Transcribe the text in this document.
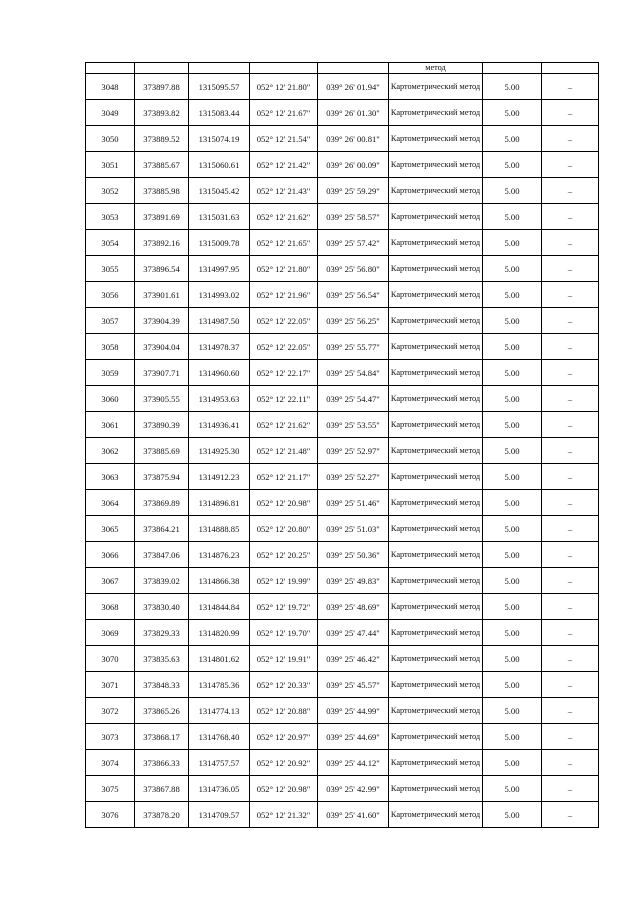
					метод		
3048	373897.88	1315095.57	052° 12' 21.80"	039° 26' 01.94"	Картометрический метод	5.00	–
3049	373893.82	1315083.44	052° 12' 21.67"	039° 26' 01.30"	Картометрический метод	5.00	–
3050	373889.52	1315074.19	052° 12' 21.54"	039° 26' 00.81"	Картометрический метод	5.00	–
3051	373885.67	1315060.61	052° 12' 21.42"	039° 26' 00.09"	Картометрический метод	5.00	–
3052	373885.98	1315045.42	052° 12' 21.43"	039° 25' 59.29"	Картометрический метод	5.00	–
3053	373891.69	1315031.63	052° 12' 21.62"	039° 25' 58.57"	Картометрический метод	5.00	–
3054	373892.16	1315009.78	052° 12' 21.65"	039° 25' 57.42"	Картометрический метод	5.00	–
3055	373896.54	1314997.95	052° 12' 21.80"	039° 25' 56.80"	Картометрический метод	5.00	–
3056	373901.61	1314993.02	052° 12' 21.96"	039° 25' 56.54"	Картометрический метод	5.00	–
3057	373904.39	1314987.50	052° 12' 22.05"	039° 25' 56.25"	Картометрический метод	5.00	–
3058	373904.04	1314978.37	052° 12' 22.05"	039° 25' 55.77"	Картометрический метод	5.00	–
3059	373907.71	1314960.60	052° 12' 22.17"	039° 25' 54.84"	Картометрический метод	5.00	–
3060	373905.55	1314953.63	052° 12' 22.11"	039° 25' 54.47"	Картометрический метод	5.00	–
3061	373890.39	1314936.41	052° 12' 21.62"	039° 25' 53.55"	Картометрический метод	5.00	–
3062	373885.69	1314925.30	052° 12' 21.48"	039° 25' 52.97"	Картометрический метод	5.00	–
3063	373875.94	1314912.23	052° 12' 21.17"	039° 25' 52.27"	Картометрический метод	5.00	–
3064	373869.89	1314896.81	052° 12' 20.98"	039° 25' 51.46"	Картометрический метод	5.00	–
3065	373864.21	1314888.85	052° 12' 20.80"	039° 25' 51.03"	Картометрический метод	5.00	–
3066	373847.06	1314876.23	052° 12' 20.25"	039° 25' 50.36"	Картометрический метод	5.00	–
3067	373839.02	1314866.38	052° 12' 19.99"	039° 25' 49.83"	Картометрический метод	5.00	–
3068	373830.40	1314844.84	052° 12' 19.72"	039° 25' 48.69"	Картометрический метод	5.00	–
3069	373829.33	1314820.99	052° 12' 19.70"	039° 25' 47.44"	Картометрический метод	5.00	–
3070	373835.63	1314801.62	052° 12' 19.91"	039° 25' 46.42"	Картометрический метод	5.00	–
3071	373848.33	1314785.36	052° 12' 20.33"	039° 25' 45.57"	Картометрический метод	5.00	–
3072	373865.26	1314774.13	052° 12' 20.88"	039° 25' 44.99"	Картометрический метод	5.00	–
3073	373868.17	1314768.40	052° 12' 20.97"	039° 25' 44.69"	Картометрический метод	5.00	–
3074	373866.33	1314757.57	052° 12' 20.92"	039° 25' 44.12"	Картометрический метод	5.00	–
3075	373867.88	1314736.05	052° 12' 20.98"	039° 25' 42.99"	Картометрический метод	5.00	–
3076	373878.20	1314709.57	052° 12' 21.32"	039° 25' 41.60"	Картометрический метод	5.00	–
